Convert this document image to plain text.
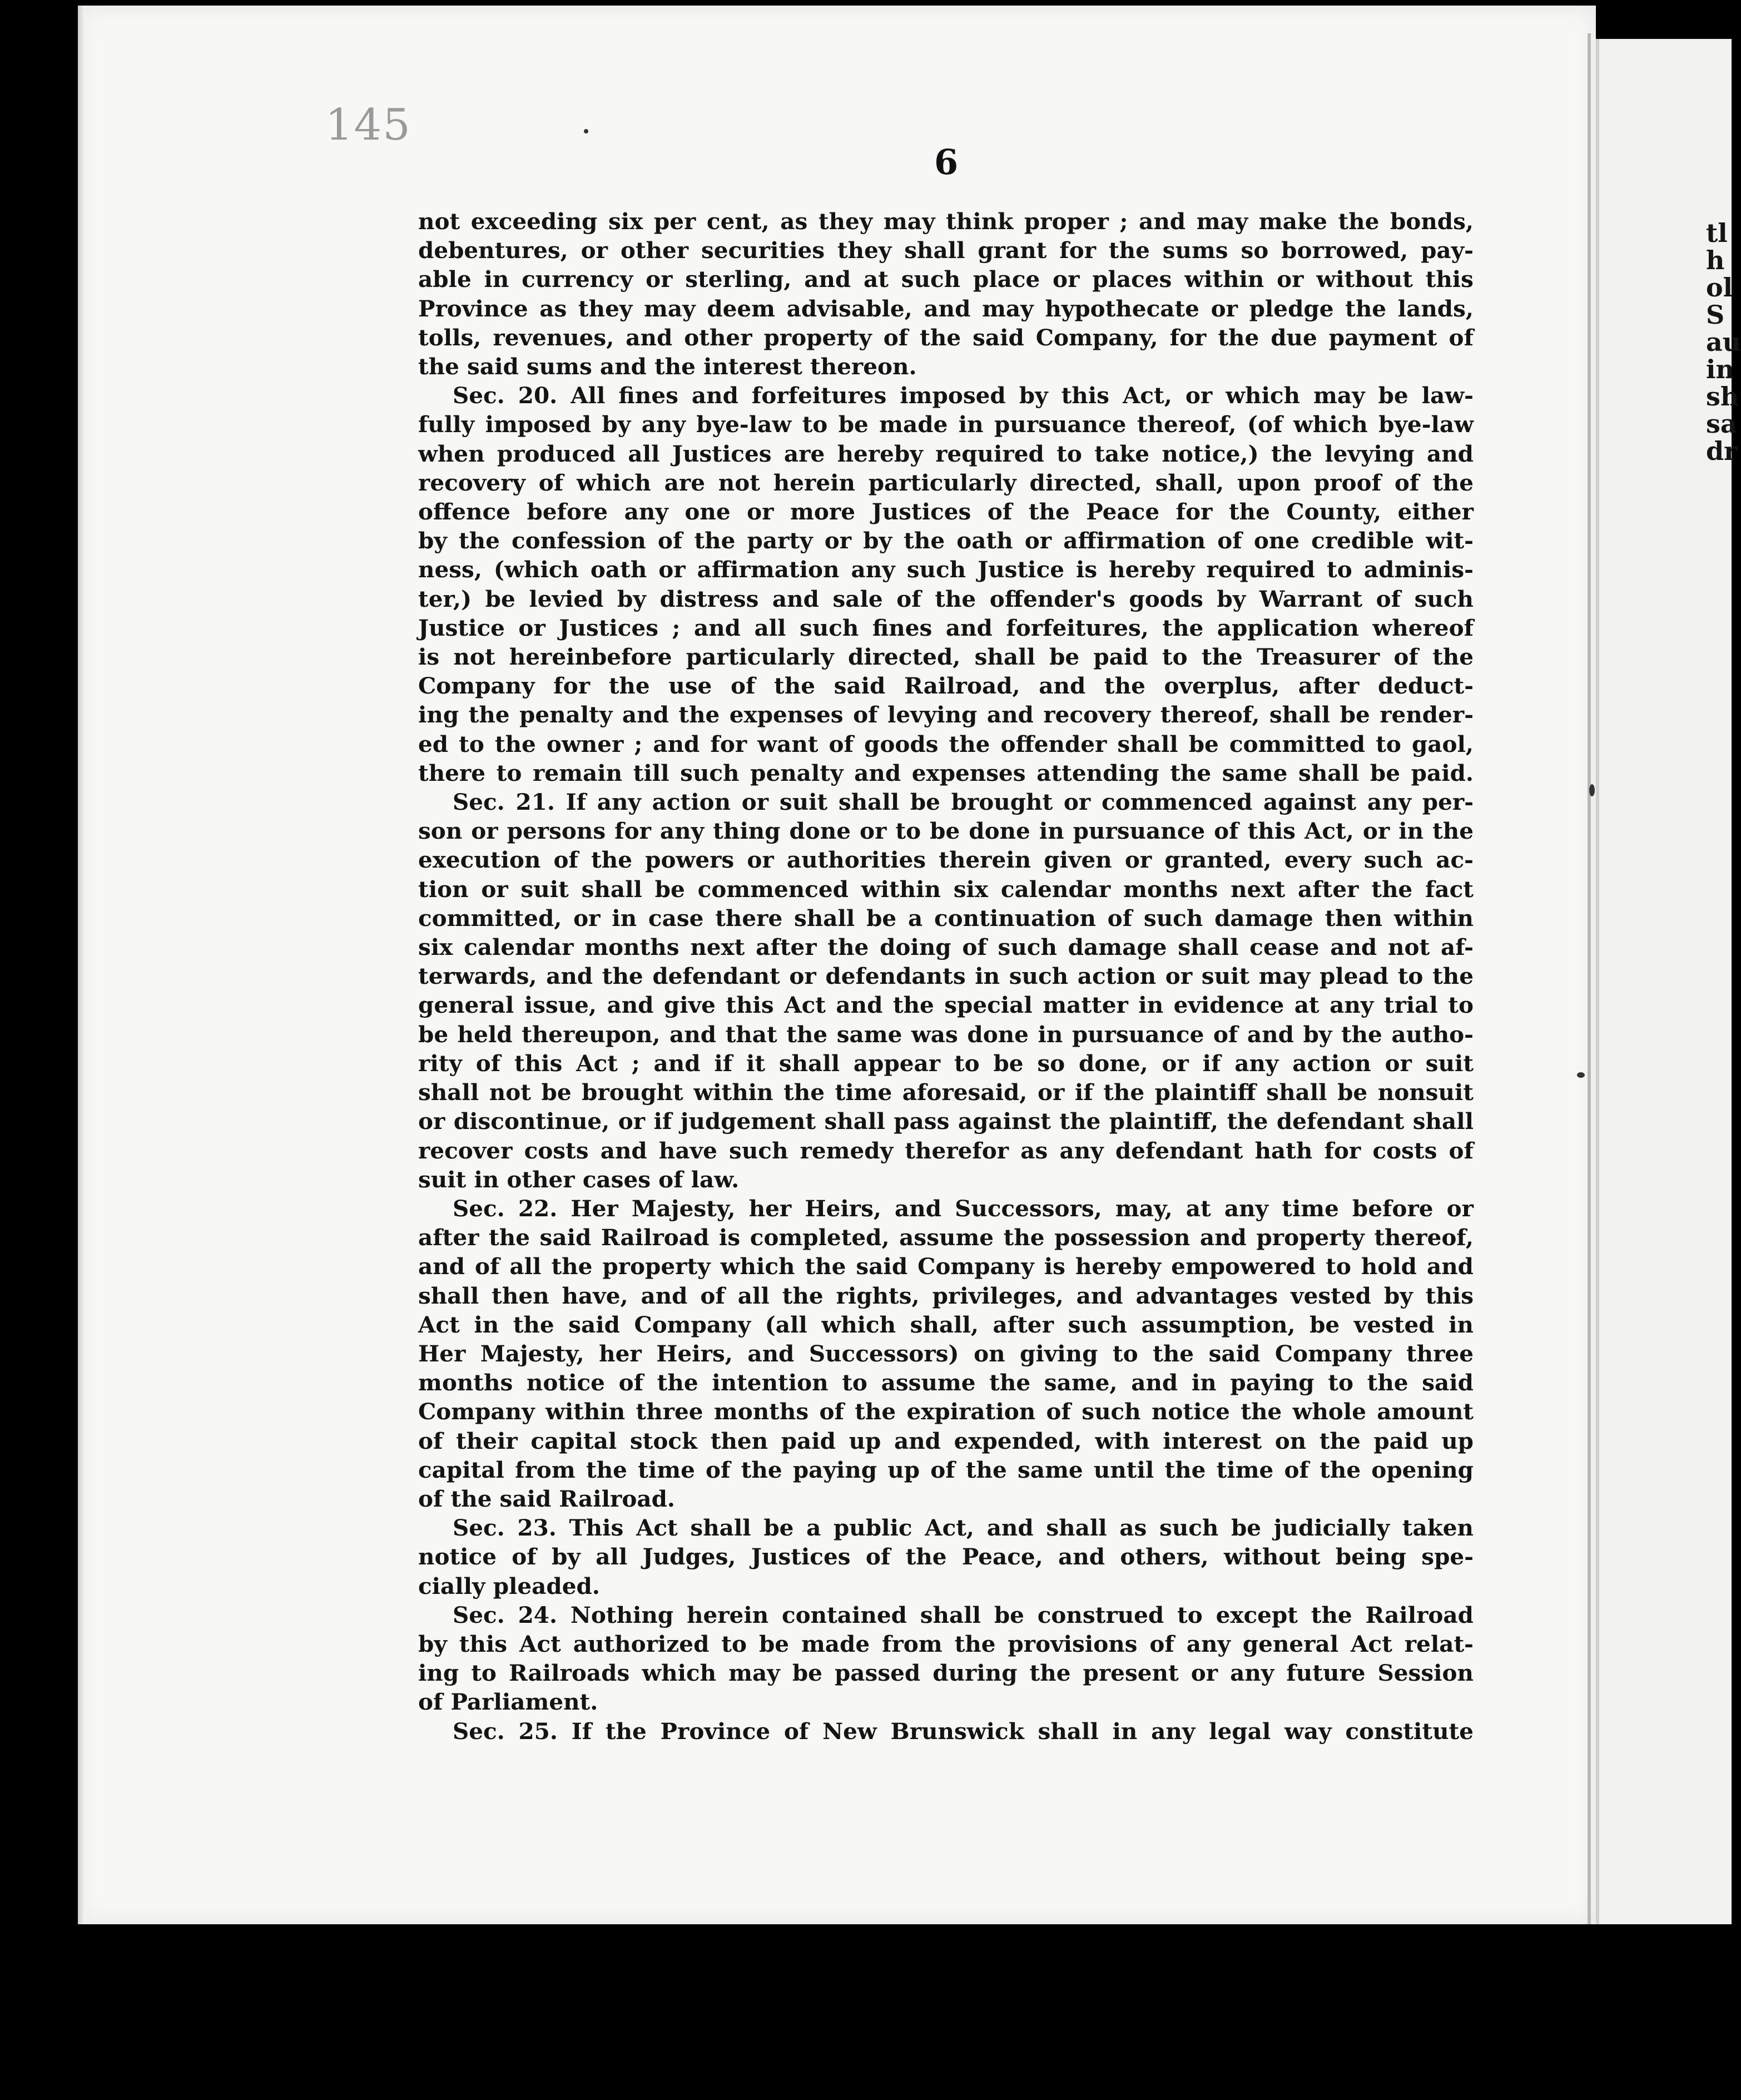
tl
h
ol
S
au
in
sh
sa
dr
145
6
not exceeding six per cent, as they may think proper ; and may make the bonds,
debentures, or other securities they shall grant for the sums so borrowed, pay-
able in currency or sterling, and at such place or places within or without this
Province as they may deem advisable, and may hypothecate or pledge the lands,
tolls, revenues, and other property of the said Company, for the due payment of
the said sums and the interest thereon.
Sec. 20. All fines and forfeitures imposed by this Act, or which may be law-
fully imposed by any bye-law to be made in pursuance thereof, (of which bye-law
when produced all Justices are hereby required to take notice,) the levying and
recovery of which are not herein particularly directed, shall, upon proof of the
offence before any one or more Justices of the Peace for the County, either
by the confession of the party or by the oath or affirmation of one credible wit-
ness, (which oath or affirmation any such Justice is hereby required to adminis-
ter,) be levied by distress and sale of the offender's goods by Warrant of such
Justice or Justices ; and all such fines and forfeitures, the application whereof
is not hereinbefore particularly directed, shall be paid to the Treasurer of the
Company for the use of the said Railroad, and the overplus, after deduct-
ing the penalty and the expenses of levying and recovery thereof, shall be render-
ed to the owner ; and for want of goods the offender shall be committed to gaol,
there to remain till such penalty and expenses attending the same shall be paid.
Sec. 21. If any action or suit shall be brought or commenced against any per-
son or persons for any thing done or to be done in pursuance of this Act, or in the
execution of the powers or authorities therein given or granted, every such ac-
tion or suit shall be commenced within six calendar months next after the fact
committed, or in case there shall be a continuation of such damage then within
six calendar months next after the doing of such damage shall cease and not af-
terwards, and the defendant or defendants in such action or suit may plead to the
general issue, and give this Act and the special matter in evidence at any trial to
be held thereupon, and that the same was done in pursuance of and by the autho-
rity of this Act ; and if it shall appear to be so done, or if any action or suit
shall not be brought within the time aforesaid, or if the plaintiff shall be nonsuit
or discontinue, or if judgement shall pass against the plaintiff, the defendant shall
recover costs and have such remedy therefor as any defendant hath for costs of
suit in other cases of law.
Sec. 22. Her Majesty, her Heirs, and Successors, may, at any time before or
after the said Railroad is completed, assume the possession and property thereof,
and of all the property which the said Company is hereby empowered to hold and
shall then have, and of all the rights, privileges, and advantages vested by this
Act in the said Company (all which shall, after such assumption, be vested in
Her Majesty, her Heirs, and Successors) on giving to the said Company three
months notice of the intention to assume the same, and in paying to the said
Company within three months of the expiration of such notice the whole amount
of their capital stock then paid up and expended, with interest on the paid up
capital from the time of the paying up of the same until the time of the opening
of the said Railroad.
Sec. 23. This Act shall be a public Act, and shall as such be judicially taken
notice of by all Judges, Justices of the Peace, and others, without being spe-
cially pleaded.
Sec. 24. Nothing herein contained shall be construed to except the Railroad
by this Act authorized to be made from the provisions of any general Act relat-
ing to Railroads which may be passed during the present or any future Session
of Parliament.
Sec. 25. If the Province of New Brunswick shall in any legal way constitute
